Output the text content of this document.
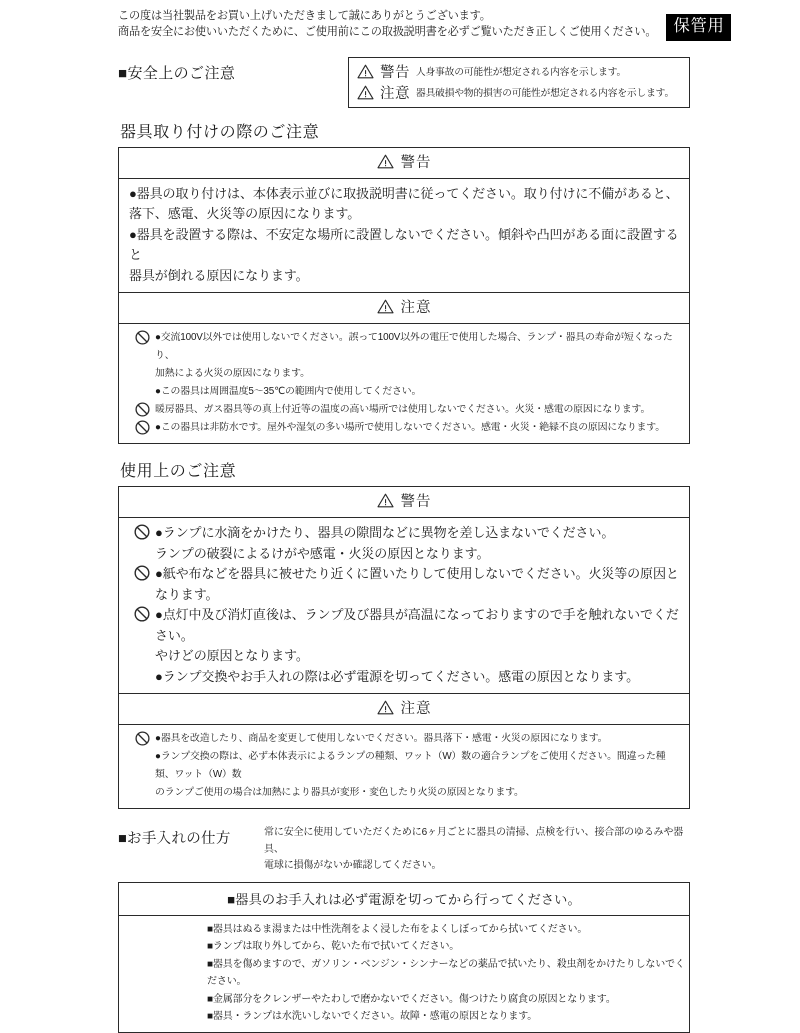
この度は当社製品をお買い上げいただきまして誠にありがとうございます。
商品を安全にお使いいただくために、ご使用前にこの取扱説明書を必ずご覧いただき正しくご使用ください。	保管用
■安全上のご注意	警告 人身事故の可能性が想定される内容を示します。
注意 器具破損や物的損害の可能性が想定される内容を示します。
器具取り付けの際のご注意
警告
●器具の取り付けは、本体表示並びに取扱説明書に従ってください。取り付けに不備があると、
落下、感電、火災等の原因になります。
●器具を設置する際は、不安定な場所に設置しないでください。傾斜や凸凹がある面に設置すると
器具が倒れる原因になります。
注意
●交流100V以外では使用しないでください。誤って100V以外の電圧で使用した場合、ランプ・器具の寿命が短くなったり、
加熱による火災の原因になります。
●この器具は周囲温度5〜35℃の範囲内で使用してください。
暖房器具、ガス器具等の真上付近等の温度の高い場所では使用しないでください。火災・感電の原因になります。
●この器具は非防水です。屋外や湿気の多い場所で使用しないでください。感電・火災・絶縁不良の原因になります。
使用上のご注意
警告
●ランプに水滴をかけたり、器具の隙間などに異物を差し込まないでください。
ランプの破裂によるけがや感電・火災の原因となります。
●紙や布などを器具に被せたり近くに置いたりして使用しないでください。火災等の原因となります。
●点灯中及び消灯直後は、ランプ及び器具が高温になっておりますので手を触れないでください。
やけどの原因となります。
●ランプ交換やお手入れの際は必ず電源を切ってください。感電の原因となります。
注意
●器具を改造したり、商品を変更して使用しないでください。器具落下・感電・火災の原因になります。
●ランプ交換の際は、必ず本体表示によるランプの種類、ワット（W）数の適合ランプをご使用ください。間違った種類、ワット（W）数
のランプご使用の場合は加熱により器具が変形・変色したり火災の原因となります。
■お手入れの仕方	常に安全に使用していただくために6ヶ月ごとに器具の清掃、点検を行い、接合部のゆるみや器具、
電球に損傷がないか確認してください。
■器具のお手入れは必ず電源を切ってから行ってください。
■器具はぬるま湯または中性洗剤をよく浸した布をよくしぼってから拭いてください。
■ランプは取り外してから、乾いた布で拭いてください。
■器具を傷めますので、ガソリン・ベンジン・シンナーなどの薬品で拭いたり、殺虫剤をかけたりしないでください。
■金属部分をクレンザーやたわしで磨かないでください。傷つけたり腐食の原因となります。
■器具・ランプは水洗いしないでください。故障・感電の原因となります。
